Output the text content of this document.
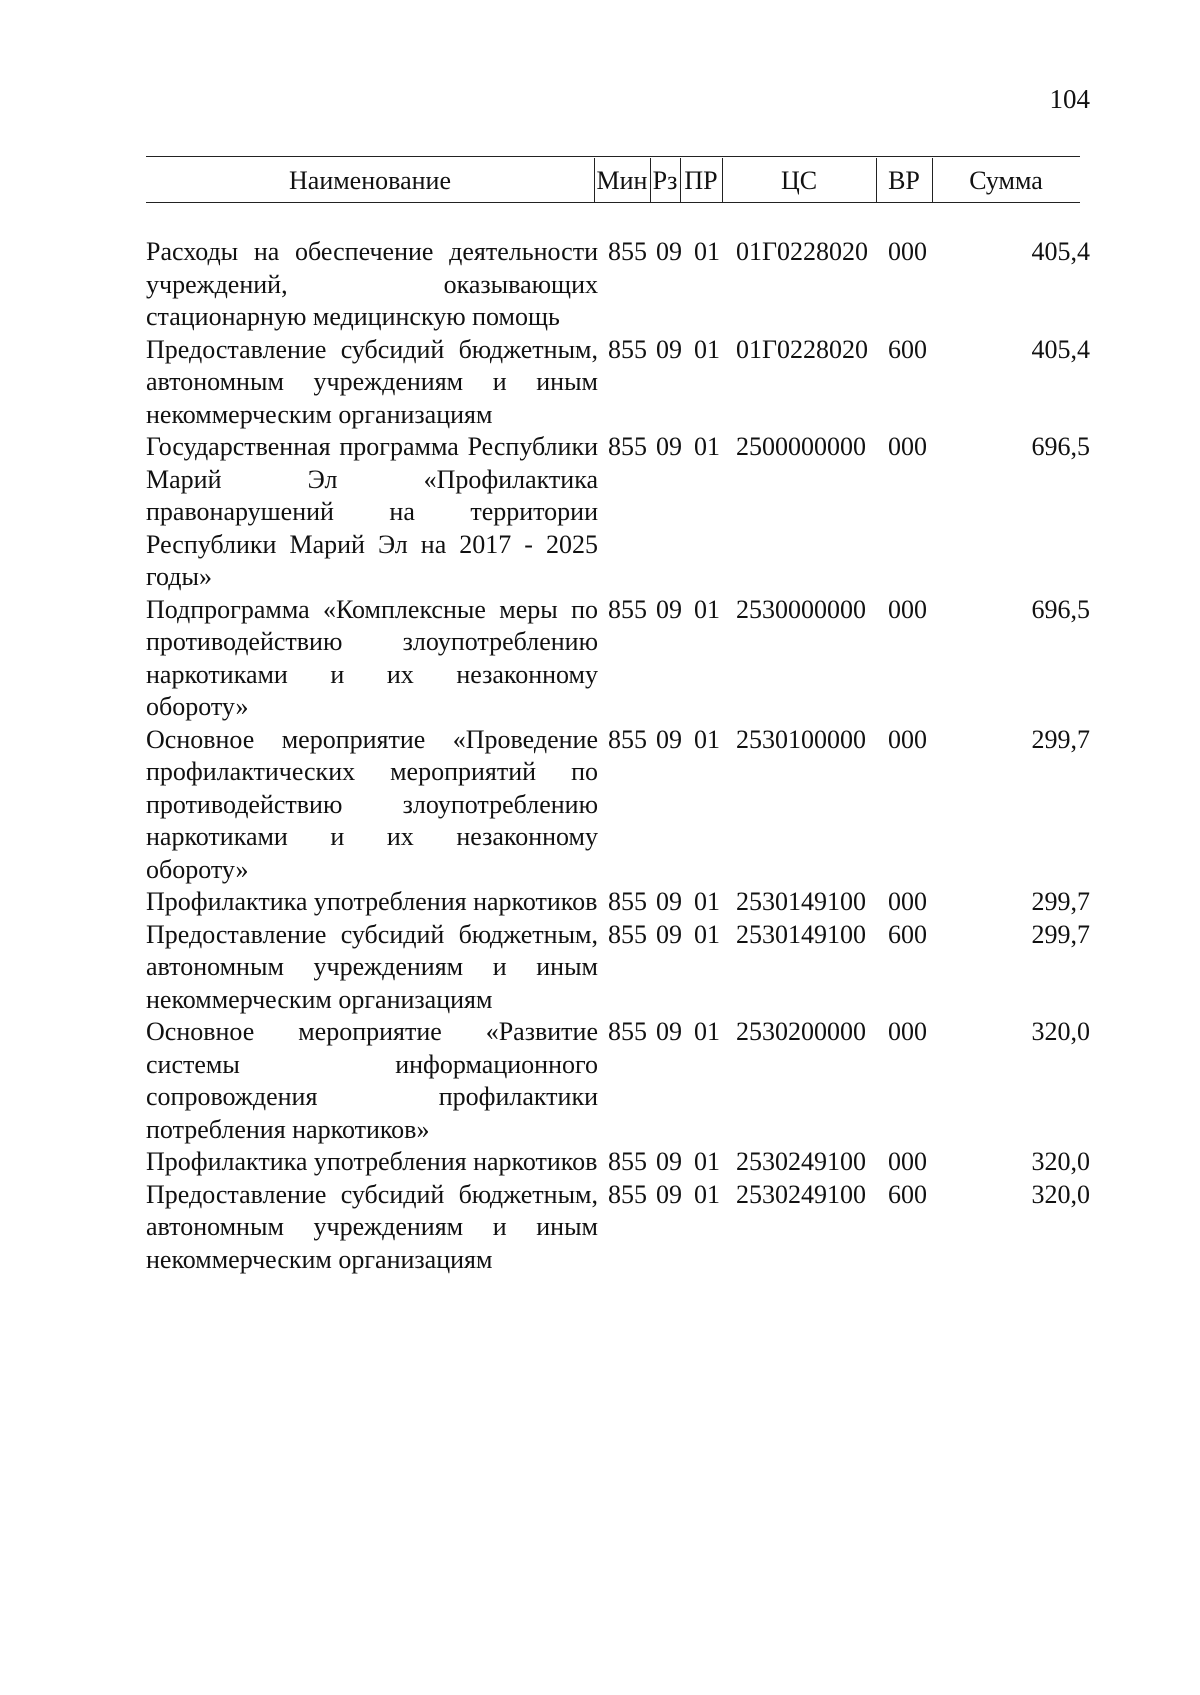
104
Наименование	Мин Рз ПР	ЦС	ВР	Сумма
Расходы на обеспечение деятельности учреждений, оказывающих стационарную медицинскую помощь
855 09 01 01Г0228020 000	405,4
Предоставление субсидий бюджетным, автономным учреждениям и иным некоммерческим организациям
855 09 01 01Г0228020 600	405,4
Государственная программа Республики Марий Эл «Профилактика правонарушений на территории Республики Марий Эл на 2017 - 2025 годы»
855 09 01 2500000000 000	696,5
Подпрограмма «Комплексные меры по противодействию злоупотреблению наркотиками и их незаконному обороту»
855 09 01 2530000000 000	696,5
Основное мероприятие «Проведение профилактических мероприятий по противодействию злоупотреблению наркотиками и их незаконному обороту»
855 09 01 2530100000 000	299,7
Профилактика употребления наркотиков 855 09 01 2530149100 000	299,7
Предоставление субсидий бюджетным, автономным учреждениям и иным некоммерческим организациям
855 09 01 2530149100 600	299,7
Основное мероприятие «Развитие системы информационного сопровождения профилактики потребления наркотиков»
855 09 01 2530200000 000	320,0
Профилактика употребления наркотиков 855 09 01 2530249100 000	320,0
Предоставление субсидий бюджетным, автономным учреждениям и иным некоммерческим организациям
855 09 01 2530249100 600	320,0
